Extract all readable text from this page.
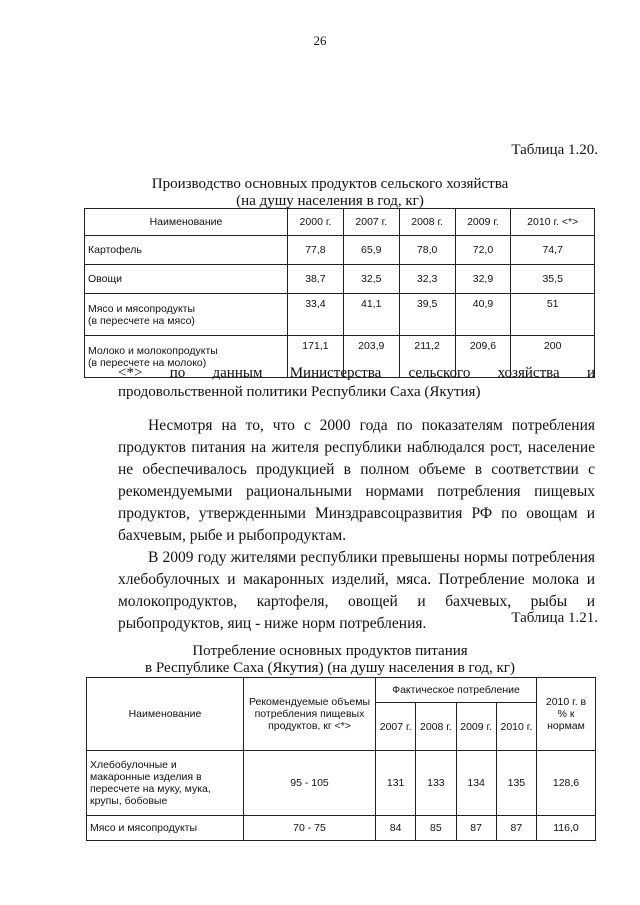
26
Таблица 1.20.
Производство основных продуктов сельского хозяйства
(на душу населения в год, кг)
Наименование	2000 г.	2007 г.	2008 г.	2009 г.	2010 г. <*>
Картофель	77,8	65,9	78,0	72,0	74,7
Овощи	38,7	32,5	32,3	32,9	35,5

Мясо и мясопродукты
(в пересчете на мясо)	33,4	41,1	39,5	40,9	51

Молоко и молокопродукты
(в пересчете на молоко)	171,1	203,9	211,2	209,6	200
<*> по данным Министерства сельского хозяйства и
продовольственной политики Республики Саха (Якутия)
Несмотря на то, что с 2000 года по показателям потребления продуктов питания на жителя республики наблюдался рост, население не обеспечивалось продукцией в полном объеме в соответствии с рекомендуемыми рациональными нормами потребления пищевых продуктов, утвержденными Минздравсоцразвития РФ по овощам и бахчевым, рыбе и рыбопродуктам.
В 2009 году жителями республики превышены нормы потребления хлебобулочных и макаронных изделий, мяса. Потребление молока и молокопродуктов, картофеля, овощей и бахчевых, рыбы и рыбопродуктов, яиц - ниже норм потребления.	Таблица 1.21.
Потребление основных продуктов питания
в Республике Саха (Якутия) (на душу населения в год, кг)
Наименование	Рекомендуемые объемы потребления пищевых продуктов, кг <*>	Фактическое потребление				2010 г. в % к нормам
		2007 г.	2008 г.	2009 г.	2010 г.	
Хлебобулочные и макаронные изделия в пересчете на муку, мука, крупы, бобовые	95 - 105	131	133	134	135	128,6
Мясо и мясопродукты	70 - 75	84	85	87	87	116,0
